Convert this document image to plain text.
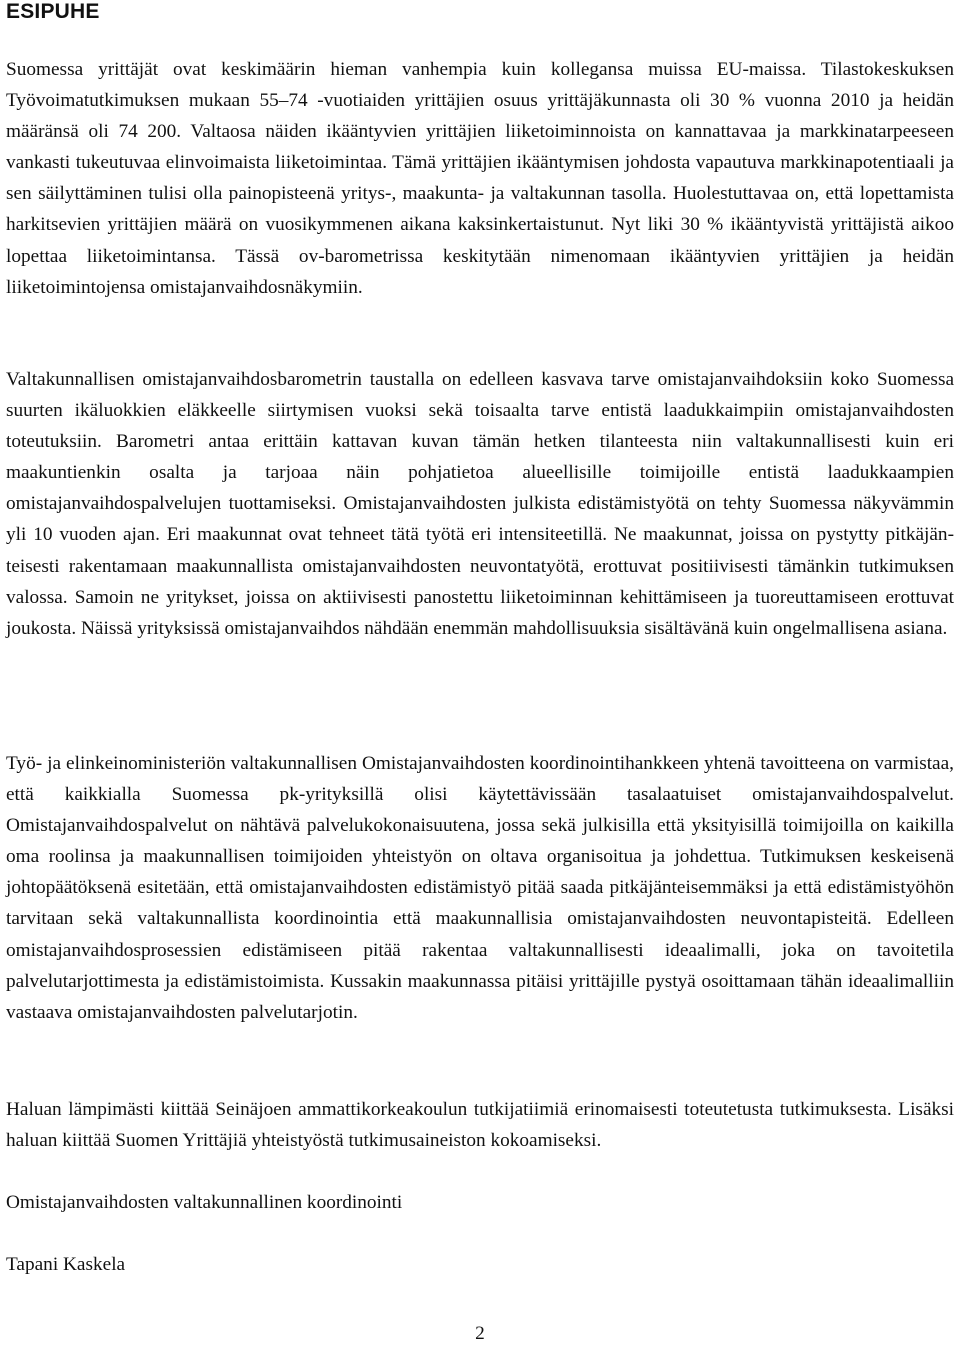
ESIPUHE

Suomessa yrittäjät ovat keskimäärin hieman vanhempia kuin kollegansa muissa EU-maissa. Tilastokeskuksen Työvoimatutkimuksen mukaan 55–74 -vuotiaiden yrittäjien osuus yrittäjäkunnasta oli 30 % vuonna 2010 ja heidän määränsä oli 74 200. Valtaosa näiden ikääntyvien yrittäjien liiketoiminnoista on kannattavaa ja markkinatarpeeseen vankasti tukeutuvaa elinvoimaista liiketoimintaa. Tämä yrittäjien ikääntymisen johdosta vapautuva markkinapotentiaali ja sen säilyttäminen tulisi olla painopisteenä yritys-, maakunta- ja valtakunnan tasolla. Huolestuttavaa on, että lopettamista harkitsevien yrittäjien määrä on vuosikymmenen aikana kaksinkertaistunut. Nyt liki 30 % ikääntyvistä yrittäjistä aikoo lopettaa liiketoimintansa. Tässä ov-barometrissa keskitytään nimenomaan ikääntyvien yrittäjien ja heidän liiketoimintojensa omistajanvaihdosnäkymiin.

Valtakunnallisen omistajanvaihdosbarometrin taustalla on edelleen kasvava tarve omistajanvaihdoksiin koko Suomessa suurten ikäluokkien eläkkeelle siirtymisen vuoksi sekä toisaalta tarve entistä laadukkaimpiin omistajanvaihdosten toteutuksiin. Barometri antaa erittäin kattavan kuvan tämän hetken tilanteesta niin valtakunnallisesti kuin eri maakuntienkin osalta ja tarjoaa näin pohjatietoa alueellisille toimijoille entistä laadukkaampien omistajanvaihdospalvelujen tuottamiseksi. Omistajanvaihdosten julkista edistämistyötä on tehty Suomessa näkyvämmin yli 10 vuoden ajan. Eri maakunnat ovat tehneet tätä työtä eri intensiteetillä. Ne maakunnat, joissa on pystytty pitkäjänteisesti rakentamaan maakunnallista omistajanvaihdosten neuvontatyötä, erottuvat positiivisesti tämänkin tutkimuksen valossa. Samoin ne yritykset, joissa on aktiivisesti panostettu liiketoiminnan kehittämiseen ja tuoreuttamiseen erottuvat joukosta. Näissä yrityksissä omistajanvaihdos nähdään enemmän mahdollisuuksia sisältävänä kuin ongelmallisena asiana.

Työ- ja elinkeinoministeriön valtakunnallisen Omistajanvaihdosten koordinointihankkeen yhtenä tavoitteena on varmistaa, että kaikkialla Suomessa pk-yrityksillä olisi käytettävissään tasalaatuiset omistajanvaihdospalvelut. Omistajanvaihdospalvelut on nähtävä palvelukokonaisuutena, jossa sekä julkisilla että yksityisillä toimijoilla on kaikilla oma roolinsa ja maakunnallisen toimijoiden yhteistyön on oltava organisoitua ja johdettua. Tutkimuksen keskeisenä johtopäätöksenä esitetään, että omistajanvaihdosten edistämistyö pitää saada pitkäjänteisemmäksi ja että edistämistyöhön tarvitaan sekä valtakunnallista koordinointia että maakunnallisia omistajanvaihdosten neuvontapisteitä. Edelleen omistajanvaihdosprosessien edistämiseen pitää rakentaa valtakunnallisesti ideaalimalli, joka on tavoitetila palvelutarjottimesta ja edistämistoimista. Kussakin maakunnassa pitäisi yrittäjille pystyä osoittamaan tähän ideaalimalliin vastaava omistajanvaihdosten palvelutarjotin.

Haluan lämpimästi kiittää Seinäjoen ammattikorkeakoulun tutkijatiimiä erinomaisesti toteutetusta tutkimuksesta. Lisäksi haluan kiittää Suomen Yrittäjiä yhteistyöstä tutkimusaineiston kokoamiseksi.

Omistajanvaihdosten valtakunnallinen koordinointi

Tapani Kaskela

2
